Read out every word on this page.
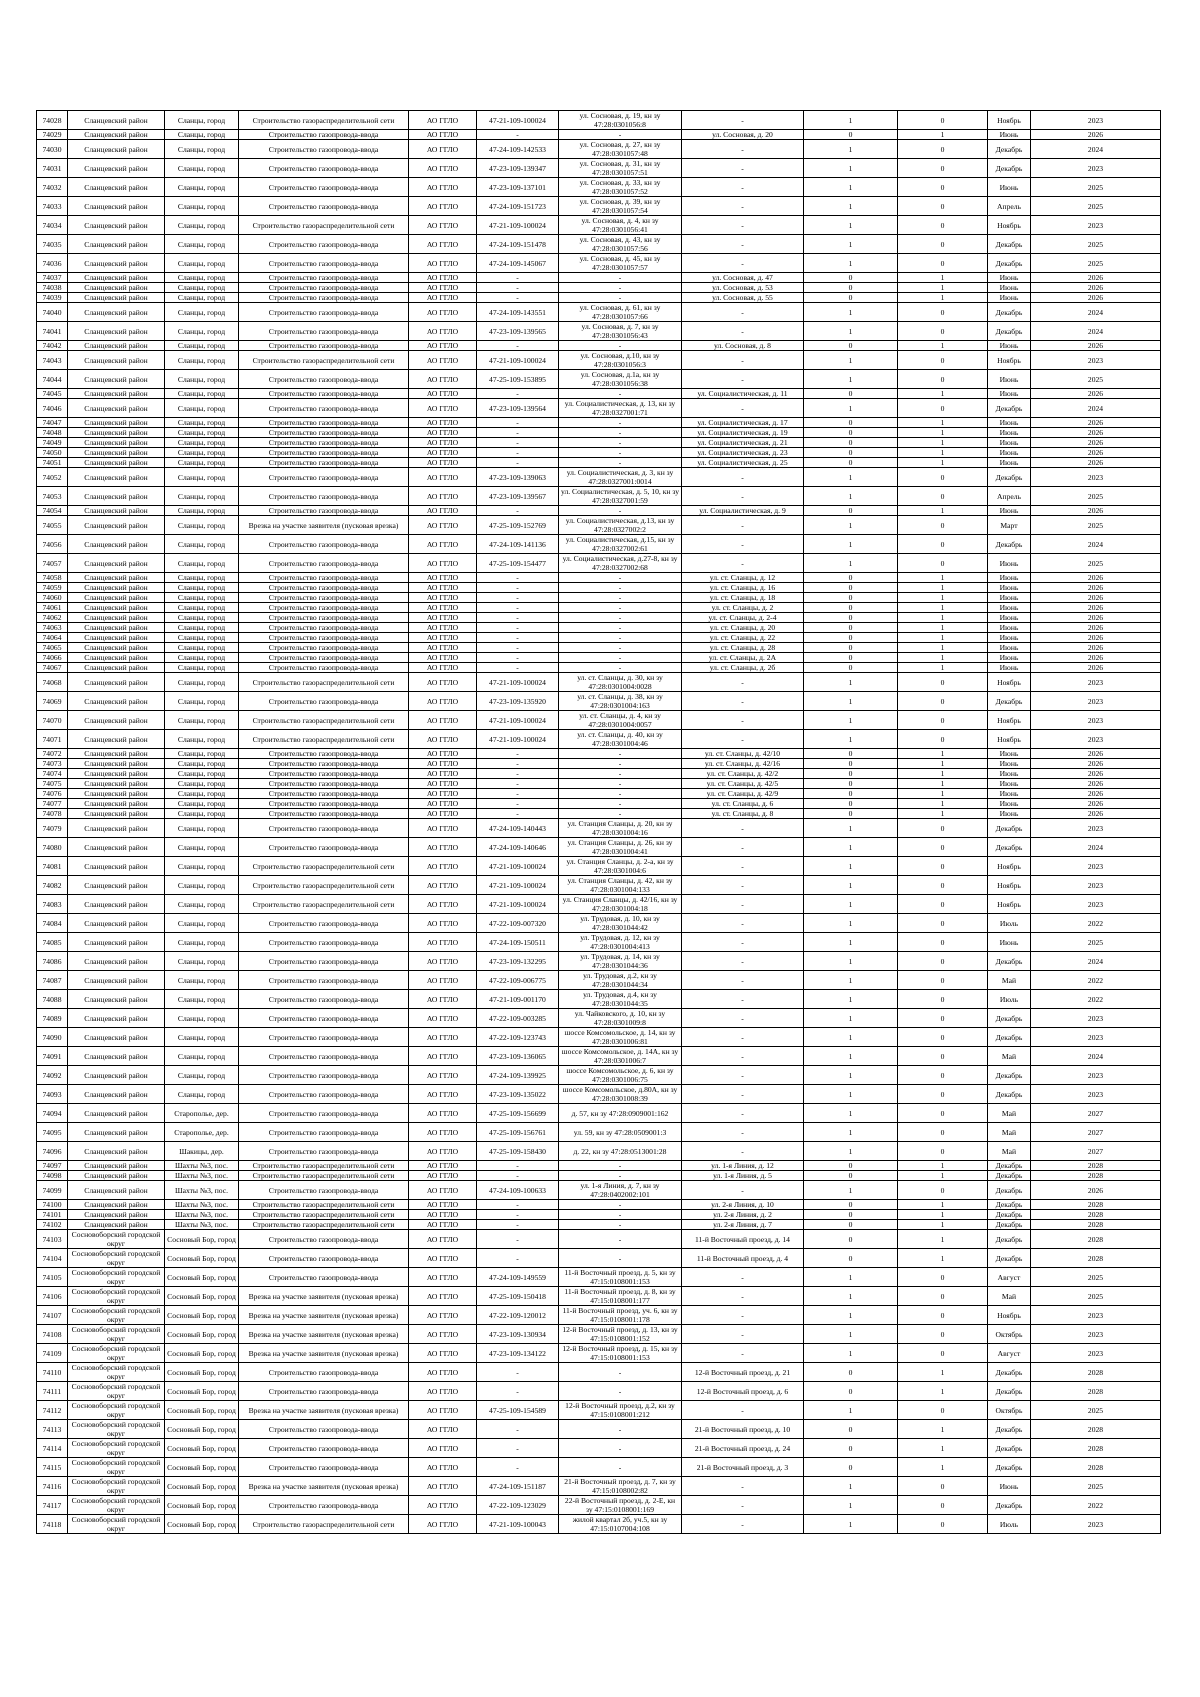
74028	Сланцевский район	Сланцы, город	Строительство газораспределительной сети	АО ГГЛО	47-21-109-100024	ул. Сосновая, д. 19, кн зу 47:28:0301056:8	-	1	0	Ноябрь	2023
74029	Сланцевский район	Сланцы, город	Строительство газопровода-ввода	АО ГГЛО	-	-	ул. Сосновая, д. 20	0	1	Июнь	2026
74030	Сланцевский район	Сланцы, город	Строительство газопровода-ввода	АО ГГЛО	47-24-109-142533	ул. Сосновая, д. 27, кн зу 47:28:0301057:48	-	1	0	Декабрь	2024
74031	Сланцевский район	Сланцы, город	Строительство газопровода-ввода	АО ГГЛО	47-23-109-139347	ул. Сосновая, д. 31, кн зу 47:28:0301057:51	-	1	0	Декабрь	2023
74032	Сланцевский район	Сланцы, город	Строительство газопровода-ввода	АО ГГЛО	47-23-109-137101	ул. Сосновая, д. 33, кн зу 47:28:0301057:52	-	1	0	Июнь	2025
74033	Сланцевский район	Сланцы, город	Строительство газопровода-ввода	АО ГГЛО	47-24-109-151723	ул. Сосновая, д. 39, кн зу 47:28:0301057:54	-	1	0	Апрель	2025
74034	Сланцевский район	Сланцы, город	Строительство газораспределительной сети	АО ГГЛО	47-21-109-100024	ул. Сосновая, д. 4, кн зу 47:28:0301056:41	-	1	0	Ноябрь	2023
74035	Сланцевский район	Сланцы, город	Строительство газопровода-ввода	АО ГГЛО	47-24-109-151478	ул. Сосновая, д. 43, кн зу 47:28:0301057:56	-	1	0	Декабрь	2025
74036	Сланцевский район	Сланцы, город	Строительство газопровода-ввода	АО ГГЛО	47-24-109-145067	ул. Сосновая, д. 45, кн зу 47:28:0301057:57	-	1	0	Декабрь	2025
74037	Сланцевский район	Сланцы, город	Строительство газопровода-ввода	АО ГГЛО	-	-	ул. Сосновая, д. 47	0	1	Июнь	2026
74038	Сланцевский район	Сланцы, город	Строительство газопровода-ввода	АО ГГЛО	-	-	ул. Сосновая, д. 53	0	1	Июнь	2026
74039	Сланцевский район	Сланцы, город	Строительство газопровода-ввода	АО ГГЛО	-	-	ул. Сосновая, д. 55	0	1	Июнь	2026
74040	Сланцевский район	Сланцы, город	Строительство газопровода-ввода	АО ГГЛО	47-24-109-143551	ул. Сосновая, д. 61, кн зу 47:28:0301057:66	-	1	0	Декабрь	2024
74041	Сланцевский район	Сланцы, город	Строительство газопровода-ввода	АО ГГЛО	47-23-109-139565	ул. Сосновая, д. 7, кн зу 47:28:0301056:43	-	1	0	Декабрь	2024
74042	Сланцевский район	Сланцы, город	Строительство газопровода-ввода	АО ГГЛО	-	-	ул. Сосновая, д. 8	0	1	Июнь	2026
74043	Сланцевский район	Сланцы, город	Строительство газораспределительной сети	АО ГГЛО	47-21-109-100024	ул. Сосновая, д.10, кн зу 47:28:0301056:3	-	1	0	Ноябрь	2023
74044	Сланцевский район	Сланцы, город	Строительство газопровода-ввода	АО ГГЛО	47-25-109-153895	ул. Сосновая, д.1а, кн зу 47:28:0301056:38	-	1	0	Июнь	2025
74045	Сланцевский район	Сланцы, город	Строительство газопровода-ввода	АО ГГЛО	-	-	ул. Социалистическая, д. 11	0	1	Июнь	2026
74046	Сланцевский район	Сланцы, город	Строительство газопровода-ввода	АО ГГЛО	47-23-109-139564	ул. Социалистическая, д. 13, кн зу 47:28:0327001:71	-	1	0	Декабрь	2024
74047	Сланцевский район	Сланцы, город	Строительство газопровода-ввода	АО ГГЛО	-	-	ул. Социалистическая, д. 17	0	1	Июнь	2026
74048	Сланцевский район	Сланцы, город	Строительство газопровода-ввода	АО ГГЛО	-	-	ул. Социалистическая, д. 19	0	1	Июнь	2026
74049	Сланцевский район	Сланцы, город	Строительство газопровода-ввода	АО ГГЛО	-	-	ул. Социалистическая, д. 21	0	1	Июнь	2026
74050	Сланцевский район	Сланцы, город	Строительство газопровода-ввода	АО ГГЛО	-	-	ул. Социалистическая, д. 23	0	1	Июнь	2026
74051	Сланцевский район	Сланцы, город	Строительство газопровода-ввода	АО ГГЛО	-	-	ул. Социалистическая, д. 25	0	1	Июнь	2026
74052	Сланцевский район	Сланцы, город	Строительство газопровода-ввода	АО ГГЛО	47-23-109-139063	ул. Социалистическая, д. 3, кн зу 47:28:0327001:0014	-	1	0	Декабрь	2023
74053	Сланцевский район	Сланцы, город	Строительство газопровода-ввода	АО ГГЛО	47-23-109-139567	ул. Социалистическая, д. 5, 10, кн зу 47:28:0327001:59	-	1	0	Апрель	2025
74054	Сланцевский район	Сланцы, город	Строительство газопровода-ввода	АО ГГЛО	-	-	ул. Социалистическая, д. 9	0	1	Июнь	2026
74055	Сланцевский район	Сланцы, город	Врезка на участке заявителя (пусковая врезка)	АО ГГЛО	47-25-109-152769	ул. Социалистическая, д.13, кн зу 47:28:0327002:2	-	1	0	Март	2025
74056	Сланцевский район	Сланцы, город	Строительство газопровода-ввода	АО ГГЛО	47-24-109-141136	ул. Социалистическая, д.15, кн зу 47:28:0327002:61	-	1	0	Декабрь	2024
74057	Сланцевский район	Сланцы, город	Строительство газопровода-ввода	АО ГГЛО	47-25-109-154477	ул. Социалистическая, д.27-8, кн зу 47:28:0327002:68	-	1	0	Июнь	2025
74058	Сланцевский район	Сланцы, город	Строительство газопровода-ввода	АО ГГЛО	-	-	ул. ст. Сланцы, д. 12	0	1	Июнь	2026
74059	Сланцевский район	Сланцы, город	Строительство газопровода-ввода	АО ГГЛО	-	-	ул. ст. Сланцы, д. 16	0	1	Июнь	2026
74060	Сланцевский район	Сланцы, город	Строительство газопровода-ввода	АО ГГЛО	-	-	ул. ст. Сланцы, д. 18	0	1	Июнь	2026
74061	Сланцевский район	Сланцы, город	Строительство газопровода-ввода	АО ГГЛО	-	-	ул. ст. Сланцы, д. 2	0	1	Июнь	2026
74062	Сланцевский район	Сланцы, город	Строительство газопровода-ввода	АО ГГЛО	-	-	ул. ст. Сланцы, д. 2-4	0	1	Июнь	2026
74063	Сланцевский район	Сланцы, город	Строительство газопровода-ввода	АО ГГЛО	-	-	ул. ст. Сланцы, д. 20	0	1	Июнь	2026
74064	Сланцевский район	Сланцы, город	Строительство газопровода-ввода	АО ГГЛО	-	-	ул. ст. Сланцы, д. 22	0	1	Июнь	2026
74065	Сланцевский район	Сланцы, город	Строительство газопровода-ввода	АО ГГЛО	-	-	ул. ст. Сланцы, д. 28	0	1	Июнь	2026
74066	Сланцевский район	Сланцы, город	Строительство газопровода-ввода	АО ГГЛО	-	-	ул. ст. Сланцы, д. 2А	0	1	Июнь	2026
74067	Сланцевский район	Сланцы, город	Строительство газопровода-ввода	АО ГГЛО	-	-	ул. ст. Сланцы, д. 2б	0	1	Июнь	2026
74068	Сланцевский район	Сланцы, город	Строительство газораспределительной сети	АО ГГЛО	47-21-109-100024	ул. ст. Сланцы, д. 30, кн зу 47:28:0301004:0028	-	1	0	Ноябрь	2023
74069	Сланцевский район	Сланцы, город	Строительство газопровода-ввода	АО ГГЛО	47-23-109-135920	ул. ст. Сланцы, д. 38, кн зу 47:28:0301004:163	-	1	0	Декабрь	2023
74070	Сланцевский район	Сланцы, город	Строительство газораспределительной сети	АО ГГЛО	47-21-109-100024	ул. ст. Сланцы, д. 4, кн зу 47:28:0301004:0057	-	1	0	Ноябрь	2023
74071	Сланцевский район	Сланцы, город	Строительство газораспределительной сети	АО ГГЛО	47-21-109-100024	ул. ст. Сланцы, д. 40, кн зу 47:28:0301004:46	-	1	0	Ноябрь	2023
74072	Сланцевский район	Сланцы, город	Строительство газопровода-ввода	АО ГГЛО	-	-	ул. ст. Сланцы, д. 42/10	0	1	Июнь	2026
74073	Сланцевский район	Сланцы, город	Строительство газопровода-ввода	АО ГГЛО	-	-	ул. ст. Сланцы, д. 42/16	0	1	Июнь	2026
74074	Сланцевский район	Сланцы, город	Строительство газопровода-ввода	АО ГГЛО	-	-	ул. ст. Сланцы, д. 42/2	0	1	Июнь	2026
74075	Сланцевский район	Сланцы, город	Строительство газопровода-ввода	АО ГГЛО	-	-	ул. ст. Сланцы, д. 42/5	0	1	Июнь	2026
74076	Сланцевский район	Сланцы, город	Строительство газопровода-ввода	АО ГГЛО	-	-	ул. ст. Сланцы, д. 42/9	0	1	Июнь	2026
74077	Сланцевский район	Сланцы, город	Строительство газопровода-ввода	АО ГГЛО	-	-	ул. ст. Сланцы, д. 6	0	1	Июнь	2026
74078	Сланцевский район	Сланцы, город	Строительство газопровода-ввода	АО ГГЛО	-	-	ул. ст. Сланцы, д. 8	0	1	Июнь	2026
74079	Сланцевский район	Сланцы, город	Строительство газопровода-ввода	АО ГГЛО	47-24-109-140443	ул. Станция Сланцы, д. 20, кн зу 47:28:0301004:16	-	1	0	Декабрь	2023
74080	Сланцевский район	Сланцы, город	Строительство газопровода-ввода	АО ГГЛО	47-24-109-140646	ул. Станция Сланцы, д. 26, кн зу 47:28:0301004:41	-	1	0	Декабрь	2024
74081	Сланцевский район	Сланцы, город	Строительство газораспределительной сети	АО ГГЛО	47-21-109-100024	ул. Станция Сланцы, д. 2-а, кн зу 47:28:0301004:6	-	1	0	Ноябрь	2023
74082	Сланцевский район	Сланцы, город	Строительство газораспределительной сети	АО ГГЛО	47-21-109-100024	ул. Станция Сланцы, д. 42, кн зу 47:28:0301004:133	-	1	0	Ноябрь	2023
74083	Сланцевский район	Сланцы, город	Строительство газораспределительной сети	АО ГГЛО	47-21-109-100024	ул. Станция Сланцы, д. 42/16, кн зу 47:28:0301004:18	-	1	0	Ноябрь	2023
74084	Сланцевский район	Сланцы, город	Строительство газопровода-ввода	АО ГГЛО	47-22-109-007320	ул. Трудовая, д. 10, кн зу 47:28:0301044:42	-	1	0	Июль	2022
74085	Сланцевский район	Сланцы, город	Строительство газопровода-ввода	АО ГГЛО	47-24-109-150511	ул. Трудовая, д. 12, кн зу 47:28:0301004:413	-	1	0	Июнь	2025
74086	Сланцевский район	Сланцы, город	Строительство газопровода-ввода	АО ГГЛО	47-23-109-132295	ул. Трудовая, д. 14, кн зу 47:28:0301044:36	-	1	0	Декабрь	2024
74087	Сланцевский район	Сланцы, город	Строительство газопровода-ввода	АО ГГЛО	47-22-109-006775	ул. Трудовая, д.2, кн зу 47:28:0301044:34	-	1	0	Май	2022
74088	Сланцевский район	Сланцы, город	Строительство газопровода-ввода	АО ГГЛО	47-21-109-001170	ул. Трудовая, д.4, кн зу 47:28:0301044:35	-	1	0	Июль	2022
74089	Сланцевский район	Сланцы, город	Строительство газопровода-ввода	АО ГГЛО	47-22-109-003285	ул. Чайковского, д. 10, кн зу 47:28:0301009:8	-	1	0	Декабрь	2023
74090	Сланцевский район	Сланцы, город	Строительство газопровода-ввода	АО ГГЛО	47-22-109-123743	шоссе Комсомольское, д. 14, кн зу 47:28:0301006:81	-	1	0	Декабрь	2023
74091	Сланцевский район	Сланцы, город	Строительство газопровода-ввода	АО ГГЛО	47-23-109-136065	шоссе Комсомольское, д. 14А, кн зу 47:28:0301006:7	-	1	0	Май	2024
74092	Сланцевский район	Сланцы, город	Строительство газопровода-ввода	АО ГГЛО	47-24-109-139925	шоссе Комсомольское, д. 6, кн зу 47:28:0301006:75	-	1	0	Декабрь	2023
74093	Сланцевский район	Сланцы, город	Строительство газопровода-ввода	АО ГГЛО	47-23-109-135022	шоссе Комсомольское, д.80А, кн зу 47:28:0301008:39	-	1	0	Декабрь	2023
74094	Сланцевский район	Старополье, дер.	Строительство газопровода-ввода	АО ГГЛО	47-25-109-156699	д. 57, кн зу 47:28:0909001:162	-	1	0	Май	2027
74095	Сланцевский район	Старополье, дер.	Строительство газопровода-ввода	АО ГГЛО	47-25-109-156761	ул. 59, кн зу 47:28:0509001:3	-	1	0	Май	2027
74096	Сланцевский район	Шакицы, дер.	Строительство газопровода-ввода	АО ГГЛО	47-25-109-158430	д. 22, кн зу 47:28:0513001:28	-	1	0	Май	2027
74097	Сланцевский район	Шахты №3, пос.	Строительство газораспределительной сети	АО ГГЛО	-	-	ул. 1-я Линия, д. 12	0	1	Декабрь	2028
74098	Сланцевский район	Шахты №3, пос.	Строительство газораспределительной сети	АО ГГЛО	-	-	ул. 1-я Линия, д. 5	0	1	Декабрь	2028
74099	Сланцевский район	Шахты №3, пос.	Строительство газопровода-ввода	АО ГГЛО	47-24-109-100633	ул. 1-я Линия, д. 7, кн зу 47:28:0402002:101	-	1	0	Декабрь	2026
74100	Сланцевский район	Шахты №3, пос.	Строительство газораспределительной сети	АО ГГЛО	-	-	ул. 2-я Линия, д. 10	0	1	Декабрь	2028
74101	Сланцевский район	Шахты №3, пос.	Строительство газораспределительной сети	АО ГГЛО	-	-	ул. 2-я Линия, д. 2	0	1	Декабрь	2028
74102	Сланцевский район	Шахты №3, пос.	Строительство газораспределительной сети	АО ГГЛО	-	-	ул. 2-я Линия, д. 7	0	1	Декабрь	2028
74103	Сосновоборский городской округ	Сосновый Бор, город	Строительство газопровода-ввода	АО ГГЛО	-	-	11-й Восточный проезд, д. 14	0	1	Декабрь	2028
74104	Сосновоборский городской округ	Сосновый Бор, город	Строительство газопровода-ввода	АО ГГЛО	-	-	11-й Восточный проезд, д. 4	0	1	Декабрь	2028
74105	Сосновоборский городской округ	Сосновый Бор, город	Строительство газопровода-ввода	АО ГГЛО	47-24-109-149559	11-й Восточный проезд, д. 5, кн зу 47:15:0108001:153	-	1	0	Август	2025
74106	Сосновоборский городской округ	Сосновый Бор, город	Врезка на участке заявителя (пусковая врезка)	АО ГГЛО	47-25-109-150418	11-й Восточный проезд, д. 8, кн зу 47:15:0108001:177	-	1	0	Май	2025
74107	Сосновоборский городской округ	Сосновый Бор, город	Врезка на участке заявителя (пусковая врезка)	АО ГГЛО	47-22-109-120012	11-й Восточный проезд, уч. 6, кн зу 47:15:0108001:178	-	1	0	Ноябрь	2023
74108	Сосновоборский городской округ	Сосновый Бор, город	Врезка на участке заявителя (пусковая врезка)	АО ГГЛО	47-23-109-130934	12-й Восточный проезд, д. 13, кн зу 47:15:0108001:152	-	1	0	Октябрь	2023
74109	Сосновоборский городской округ	Сосновый Бор, город	Врезка на участке заявителя (пусковая врезка)	АО ГГЛО	47-23-109-134122	12-й Восточный проезд, д. 15, кн зу 47:15:0108001:153	-	1	0	Август	2023
74110	Сосновоборский городской округ	Сосновый Бор, город	Строительство газопровода-ввода	АО ГГЛО	-	-	12-й Восточный проезд, д. 21	0	1	Декабрь	2028
74111	Сосновоборский городской округ	Сосновый Бор, город	Строительство газопровода-ввода	АО ГГЛО	-	-	12-й Восточный проезд, д. 6	0	1	Декабрь	2028
74112	Сосновоборский городской округ	Сосновый Бор, город	Врезка на участке заявителя (пусковая врезка)	АО ГГЛО	47-25-109-154589	12-й Восточный проезд, д.2, кн зу 47:15:0108001:212	-	1	0	Октябрь	2025
74113	Сосновоборский городской округ	Сосновый Бор, город	Строительство газопровода-ввода	АО ГГЛО	-	-	21-й Восточный проезд, д. 10	0	1	Декабрь	2028
74114	Сосновоборский городской округ	Сосновый Бор, город	Строительство газопровода-ввода	АО ГГЛО	-	-	21-й Восточный проезд, д. 24	0	1	Декабрь	2028
74115	Сосновоборский городской округ	Сосновый Бор, город	Строительство газопровода-ввода	АО ГГЛО	-	-	21-й Восточный проезд, д. 3	0	1	Декабрь	2028
74116	Сосновоборский городской округ	Сосновый Бор, город	Врезка на участке заявителя (пусковая врезка)	АО ГГЛО	47-24-109-151187	21-й Восточный проезд, д. 7, кн зу 47:15:0108002:82	-	1	0	Июнь	2025
74117	Сосновоборский городской округ	Сосновый Бор, город	Строительство газопровода-ввода	АО ГГЛО	47-22-109-123029	22-й Восточный проезд, д. 2-Е, кн зу 47:15:0108001:169	-	1	0	Декабрь	2022
74118	Сосновоборский городской округ	Сосновый Бор, город	Строительство газораспределительной сети	АО ГГЛО	47-21-109-100043	жилой квартал 2б, уч.5, кн зу 47:15:0107004:108	-	1	0	Июль	2023
